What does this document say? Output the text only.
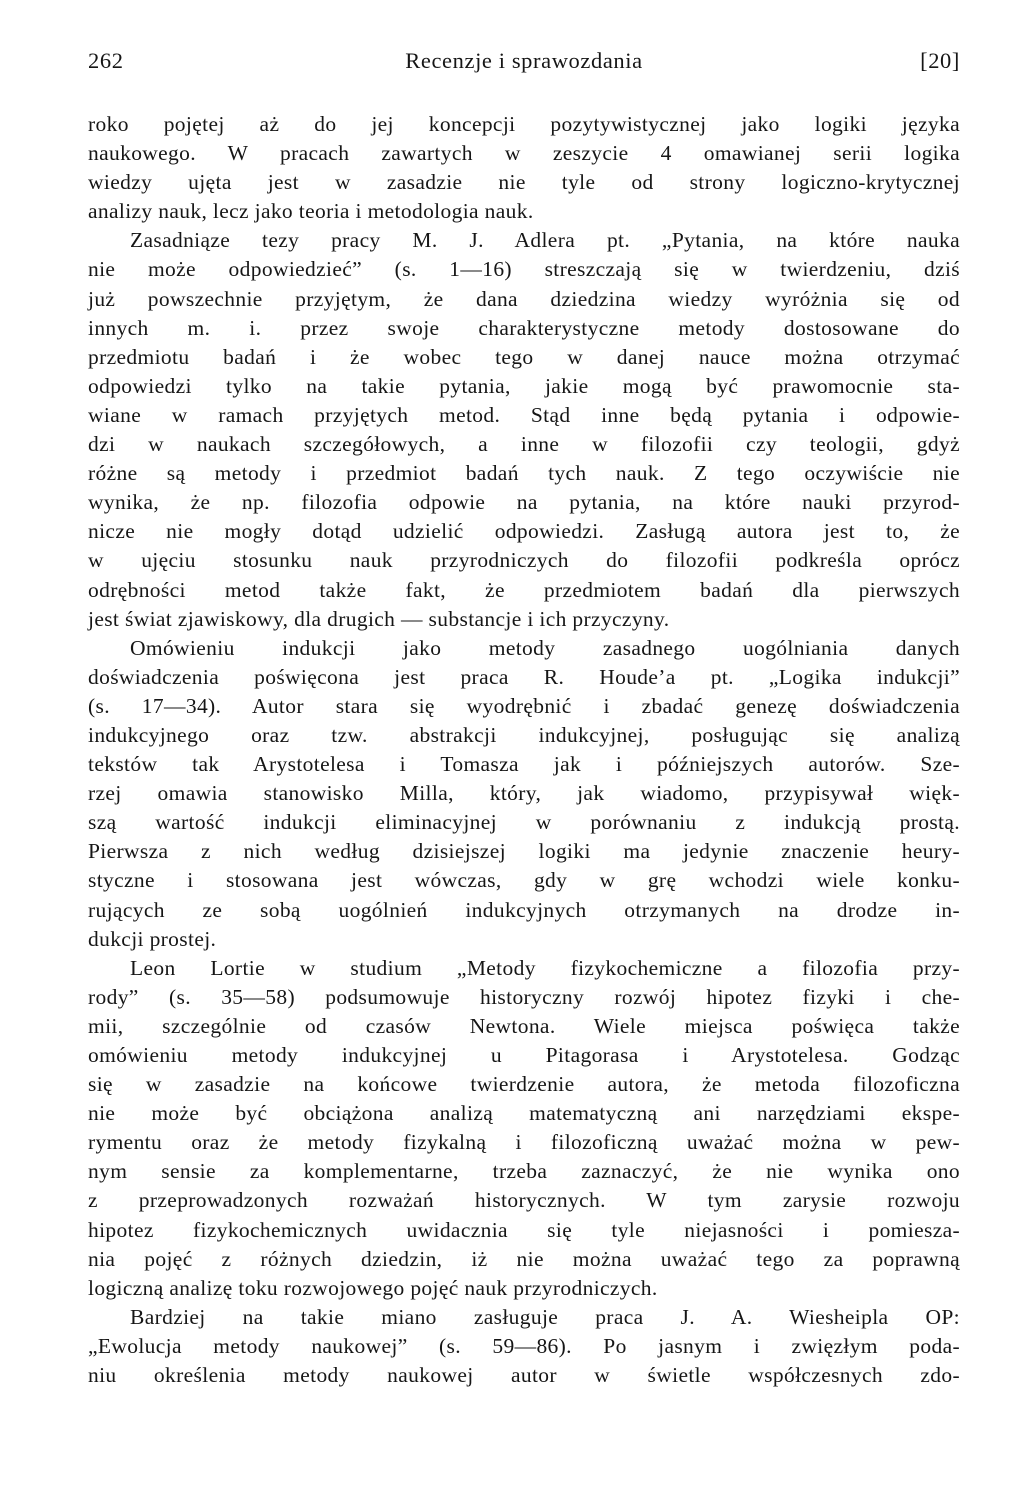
262	Recenzje i sprawozdania	[20]
roko pojętej aż do jej koncepcji pozytywistycznej jako logiki języka
naukowego. W pracach zawartych w zeszycie 4 omawianej serii logika
wiedzy ujęta jest w zasadzie nie tyle od strony logiczno-krytycznej
analizy nauk, lecz jako teoria i metodologia nauk.
Zasadniąze tezy pracy M. J. Adlera pt. „Pytania, na które nauka
nie może odpowiedzieć” (s. 1—16) streszczają się w twierdzeniu, dziś
już powszechnie przyjętym, że dana dziedzina wiedzy wyróżnia się od
innych m. i. przez swoje charakterystyczne metody dostosowane do
przedmiotu badań i że wobec tego w danej nauce można otrzymać
odpowiedzi tylko na takie pytania, jakie mogą być prawomocnie sta-
wiane w ramach przyjętych metod. Stąd inne będą pytania i odpowie-
dzi w naukach szczegółowych, a inne w filozofii czy teologii, gdyż
różne są metody i przedmiot badań tych nauk. Z tego oczywiście nie
wynika, że np. filozofia odpowie na pytania, na które nauki przyrod-
nicze nie mogły dotąd udzielić odpowiedzi. Zasługą autora jest to, że
w ujęciu stosunku nauk przyrodniczych do filozofii podkreśla oprócz
odrębności metod także fakt, że przedmiotem badań dla pierwszych
jest świat zjawiskowy, dla drugich — substancje i ich przyczyny.
Omówieniu indukcji jako metody zasadnego uogólniania danych
doświadczenia poświęcona jest praca R. Houde’a pt. „Logika indukcji”
(s. 17—34). Autor stara się wyodrębnić i zbadać genezę doświadczenia
indukcyjnego oraz tzw. abstrakcji indukcyjnej, posługując się analizą
tekstów tak Arystotelesa i Tomasza jak i późniejszych autorów. Sze-
rzej omawia stanowisko Milla, który, jak wiadomo, przypisywał więk-
szą wartość indukcji eliminacyjnej w porównaniu z indukcją prostą.
Pierwsza z nich według dzisiejszej logiki ma jedynie znaczenie heury-
styczne i stosowana jest wówczas, gdy w grę wchodzi wiele konku-
rujących ze sobą uogólnień indukcyjnych otrzymanych na drodze in-
dukcji prostej.
Leon Lortie w studium „Metody fizykochemiczne a filozofia przy-
rody” (s. 35—58) podsumowuje historyczny rozwój hipotez fizyki i che-
mii, szczególnie od czasów Newtona. Wiele miejsca poświęca także
omówieniu metody indukcyjnej u Pitagorasa i Arystotelesa. Godząc
się w zasadzie na końcowe twierdzenie autora, że metoda filozoficzna
nie może być obciążona analizą matematyczną ani narzędziami ekspe-
rymentu oraz że metody fizykalną i filozoficzną uważać można w pew-
nym sensie za komplementarne, trzeba zaznaczyć, że nie wynika ono
z przeprowadzonych rozważań historycznych. W tym zarysie rozwoju
hipotez fizykochemicznych uwidacznia się tyle niejasności i pomiesza-
nia pojęć z różnych dziedzin, iż nie można uważać tego za poprawną
logiczną analizę toku rozwojowego pojęć nauk przyrodniczych.
Bardziej na takie miano zasługuje praca J. A. Wiesheipla OP:
„Ewolucja metody naukowej” (s. 59—86). Po jasnym i zwięzłym poda-
niu określenia metody naukowej autor w świetle współczesnych zdo-
